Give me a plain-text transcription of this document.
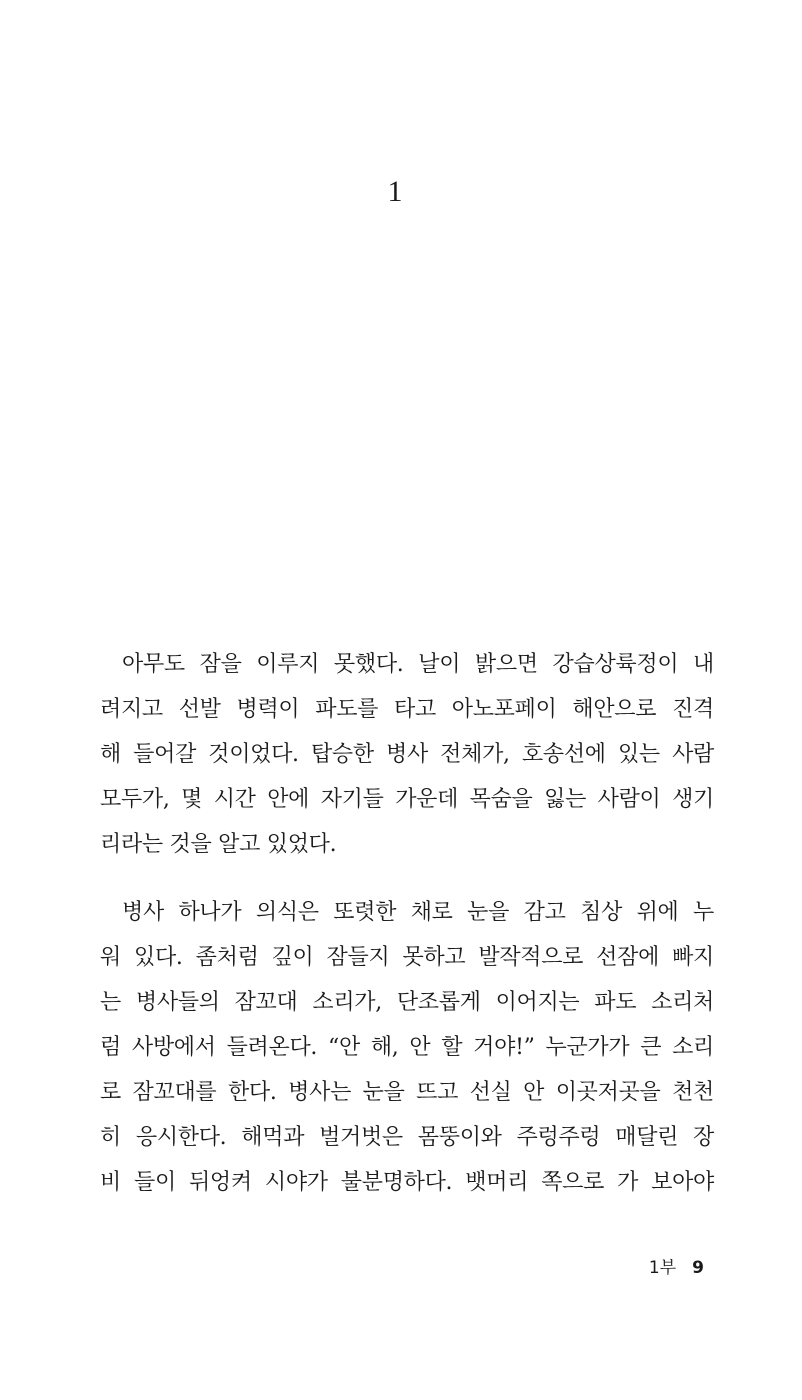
1
아무도 잠을 이루지 못했다. 날이 밝으면 강습상륙정이 내
려지고 선발 병력이 파도를 타고 아노포페이 해안으로 진격
해 들어갈 것이었다. 탑승한 병사 전체가, 호송선에 있는 사람
모두가, 몇 시간 안에 자기들 가운데 목숨을 잃는 사람이 생기
리라는 것을 알고 있었다.
병사 하나가 의식은 또렷한 채로 눈을 감고 침상 위에 누
워 있다. 좀처럼 깊이 잠들지 못하고 발작적으로 선잠에 빠지
는 병사들의 잠꼬대 소리가, 단조롭게 이어지는 파도 소리처
럼 사방에서 들려온다. “안 해, 안 할 거야!” 누군가가 큰 소리
로 잠꼬대를 한다. 병사는 눈을 뜨고 선실 안 이곳저곳을 천천
히 응시한다. 해먹과 벌거벗은 몸뚱이와 주렁주렁 매달린 장
비 들이 뒤엉켜 시야가 불분명하다. 뱃머리 쪽으로 가 보아야
1부 9
